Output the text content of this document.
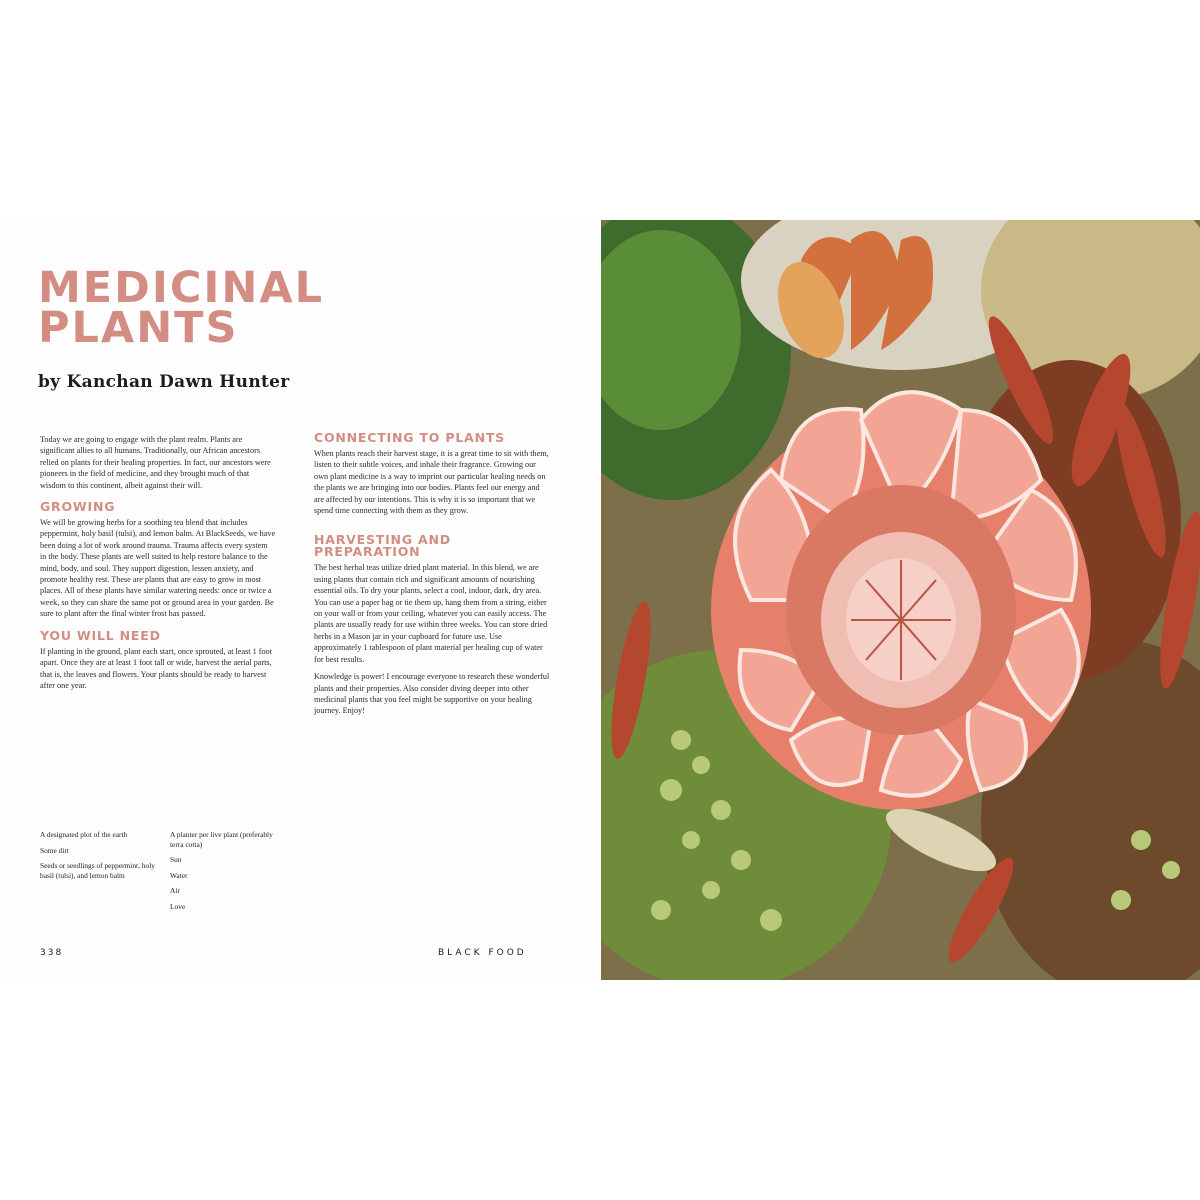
MEDICINAL
PLANTS
by Kanchan Dawn Hunter

Today we are going to engage with the plant realm. Plants are significant allies to all humans. Traditionally, our African ancestors relied on plants for their healing properties. In fact, our ancestors were pioneers in the field of medicine, and they brought much of that wisdom to this continent, albeit against their will.

GROWING

We will be growing herbs for a soothing tea blend that includes peppermint, holy basil (tulsi), and lemon balm. At BlackSeeds, we have been doing a lot of work around trauma. Trauma affects every system in the body. These plants are well suited to help restore balance to the mind, body, and soul. They support digestion, lessen anxiety, and promote healthy rest. These are plants that are easy to grow in most places. All of these plants have similar watering needs: once or twice a week, so they can share the same pot or ground area in your garden. Be sure to plant after the final winter frost has passed.

YOU WILL NEED

If planting in the ground, plant each start, once sprouted, at least 1 foot apart. Once they are at least 1 foot tall or wide, harvest the aerial parts, that is, the leaves and flowers. Your plants should be ready to harvest after one year.

A designated plot of the earth
Some dirt
Seeds or seedlings of peppermint, holy basil (tulsi), and lemon balm
A planter per live plant (preferably terra cotta)
Sun
Water
Air
Love
CONNECTING TO PLANTS

When plants reach their harvest stage, it is a great time to sit with them, listen to their subtle voices, and inhale their fragrance. Growing our own plant medicine is a way to imprint our particular healing needs on the plants we are bringing into our bodies. Plants feel our energy and are affected by our intentions. This is why it is so important that we spend time connecting with them as they grow.

HARVESTING AND PREPARATION

The best herbal teas utilize dried plant material. In this blend, we are using plants that contain rich and significant amounts of nourishing essential oils. To dry your plants, select a cool, indoor, dark, dry area. You can use a paper bag or tie them up, hang them from a string, either on your wall or from your ceiling, whatever you can easily access. The plants are usually ready for use within three weeks. You can store dried herbs in a Mason jar in your cupboard for future use. Use approximately 1 tablespoon of plant material per healing cup of water for best results.

Knowledge is power! I encourage everyone to research these wonderful plants and their properties. Also consider diving deeper into other medicinal plants that you feel might be supportive on your healing journey. Enjoy!

338	BLACK FOOD
